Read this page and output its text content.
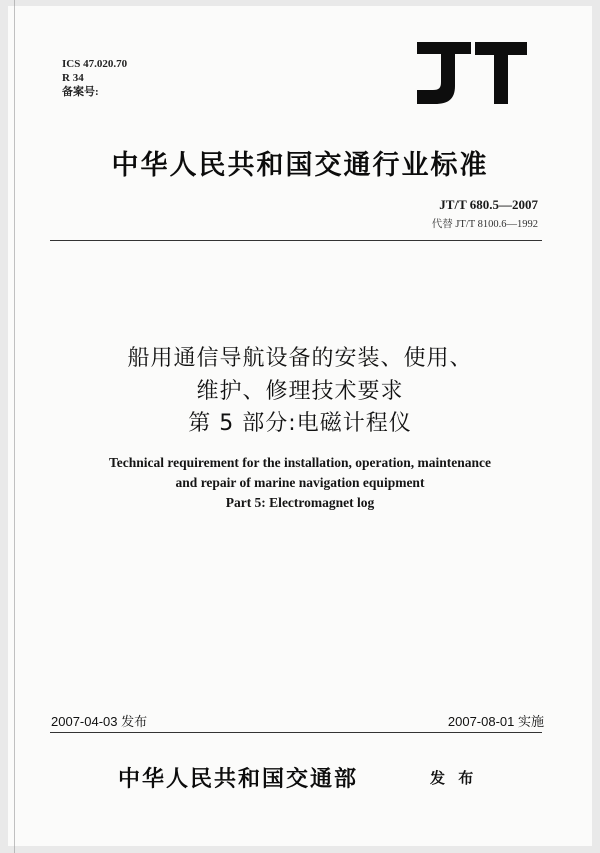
ICS 47.020.70
R 34
备案号:
中华人民共和国交通行业标准
JT/T 680.5—2007
代替 JT/T 8100.6—1992
船用通信导航设备的安装、使用、
维护、修理技术要求
第 5 部分:电磁计程仪
Technical requirement for the installation, operation, maintenance
and repair of marine navigation equipment
Part 5: Electromagnet log
2007-04-03 发布	2007-08-01 实施
中华人民共和国交通部	发 布
